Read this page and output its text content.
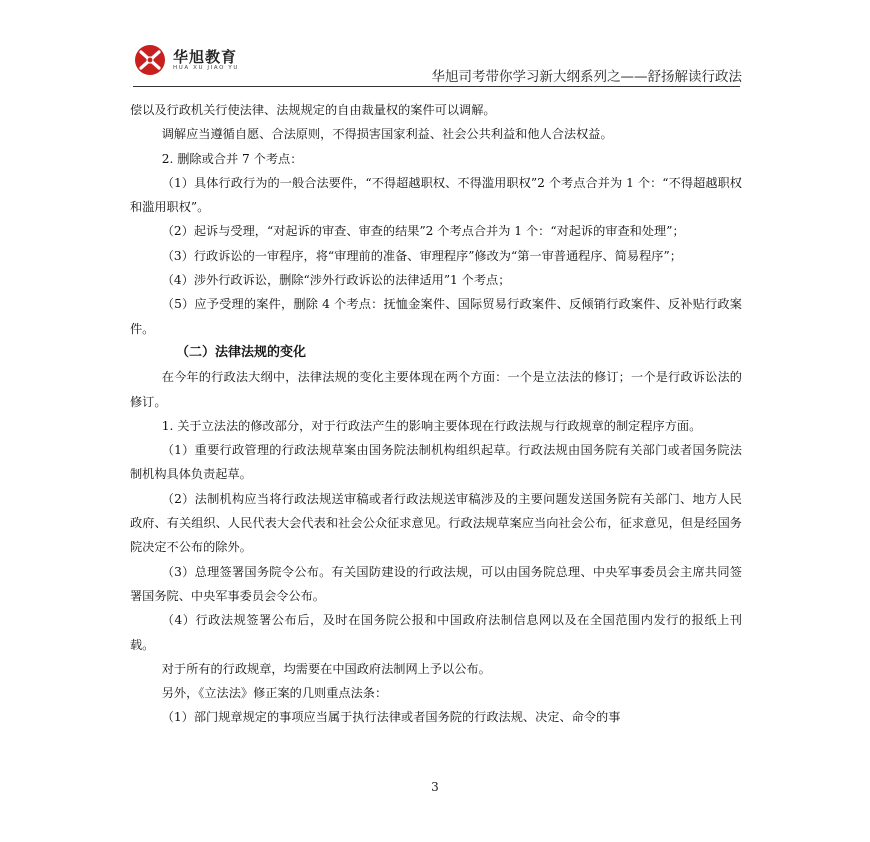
华旭教育
HUA XU JIAO YU
华旭司考带你学习新大纲系列之——舒扬解读行政法

偿以及行政机关行使法律、法规规定的自由裁量权的案件可以调解。

调解应当遵循自愿、合法原则，不得损害国家利益、社会公共利益和他人合法权益。

2. 删除或合并 7 个考点：

（1）具体行政行为的一般合法要件，“不得超越职权、不得滥用职权”2 个考点合并为 1 个：“不得超越职权和滥用职权”。

（2）起诉与受理，“对起诉的审查、审查的结果”2 个考点合并为 1 个：“对起诉的审查和处理”；

（3）行政诉讼的一审程序，将“审理前的准备、审理程序”修改为“第一审普通程序、简易程序”；

（4）涉外行政诉讼，删除“涉外行政诉讼的法律适用”1 个考点；

（5）应予受理的案件，删除 4 个考点：抚恤金案件、国际贸易行政案件、反倾销行政案件、反补贴行政案件。

（二）法律法规的变化

在今年的行政法大纲中，法律法规的变化主要体现在两个方面：一个是立法法的修订；一个是行政诉讼法的修订。

1. 关于立法法的修改部分，对于行政法产生的影响主要体现在行政法规与行政规章的制定程序方面。

（1）重要行政管理的行政法规草案由国务院法制机构组织起草。行政法规由国务院有关部门或者国务院法制机构具体负责起草。

（2）法制机构应当将行政法规送审稿或者行政法规送审稿涉及的主要问题发送国务院有关部门、地方人民政府、有关组织、人民代表大会代表和社会公众征求意见。行政法规草案应当向社会公布，征求意见，但是经国务院决定不公布的除外。

（3）总理签署国务院令公布。有关国防建设的行政法规，可以由国务院总理、中央军事委员会主席共同签署国务院、中央军事委员会令公布。

（4）行政法规签署公布后，及时在国务院公报和中国政府法制信息网以及在全国范围内发行的报纸上刊载。

对于所有的行政规章，均需要在中国政府法制网上予以公布。

另外，《立法法》修正案的几则重点法条：

（1）部门规章规定的事项应当属于执行法律或者国务院的行政法规、决定、命令的事

3
